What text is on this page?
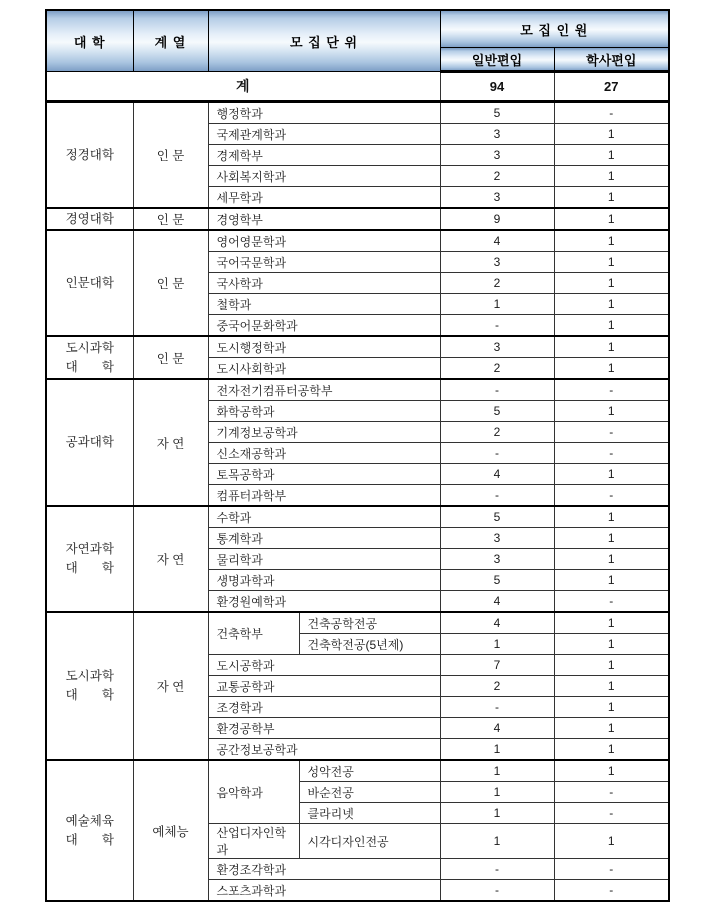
대 학	계 열	모 집 단 위		모 집 인 원	
				일반편입	학사편입
계				94	27

정경대학	인 문	행정학과		5	-
		국제관계학과		3	1
		경제학부		3	1
		사회복지학과		2	1
		세무학과		3	1

경영대학	인 문	경영학부		9	1

인문대학	인 문	영어영문학과		4	1
		국어국문학과		3	1
		국사학과		2	1
		철학과		1	1
		중국어문화학과		-	1

도시과학
대 학	인 문	도시행정학과		3	1
		도시사회학과		2	1

공과대학	자 연	전자전기컴퓨터공학부		-	-
		화학공학과		5	1
		기계정보공학과		2	-
		신소재공학과		-	-
		토목공학과		4	1
		컴퓨터과학부		-	-

자연과학
대 학	자 연	수학과		5	1
		통계학과		3	1
		물리학과		3	1
		생명과학과		5	1
		환경원예학과		4	-

도시과학
대 학	자 연	건축학부	건축공학전공	4	1
			건축학전공(5년제)	1	1
		도시공학과		7	1
		교통공학과		2	1
		조경학과		-	1
		환경공학부		4	1
		공간정보공학과		1	1

예술체육
대 학	예체능	음악학과	성악전공	1	1
			바순전공	1	-
			클라리넷	1	-
		산업디자인학과	시각디자인전공	1	1
		환경조각학과		-	-
		스포츠과학과		-	-
